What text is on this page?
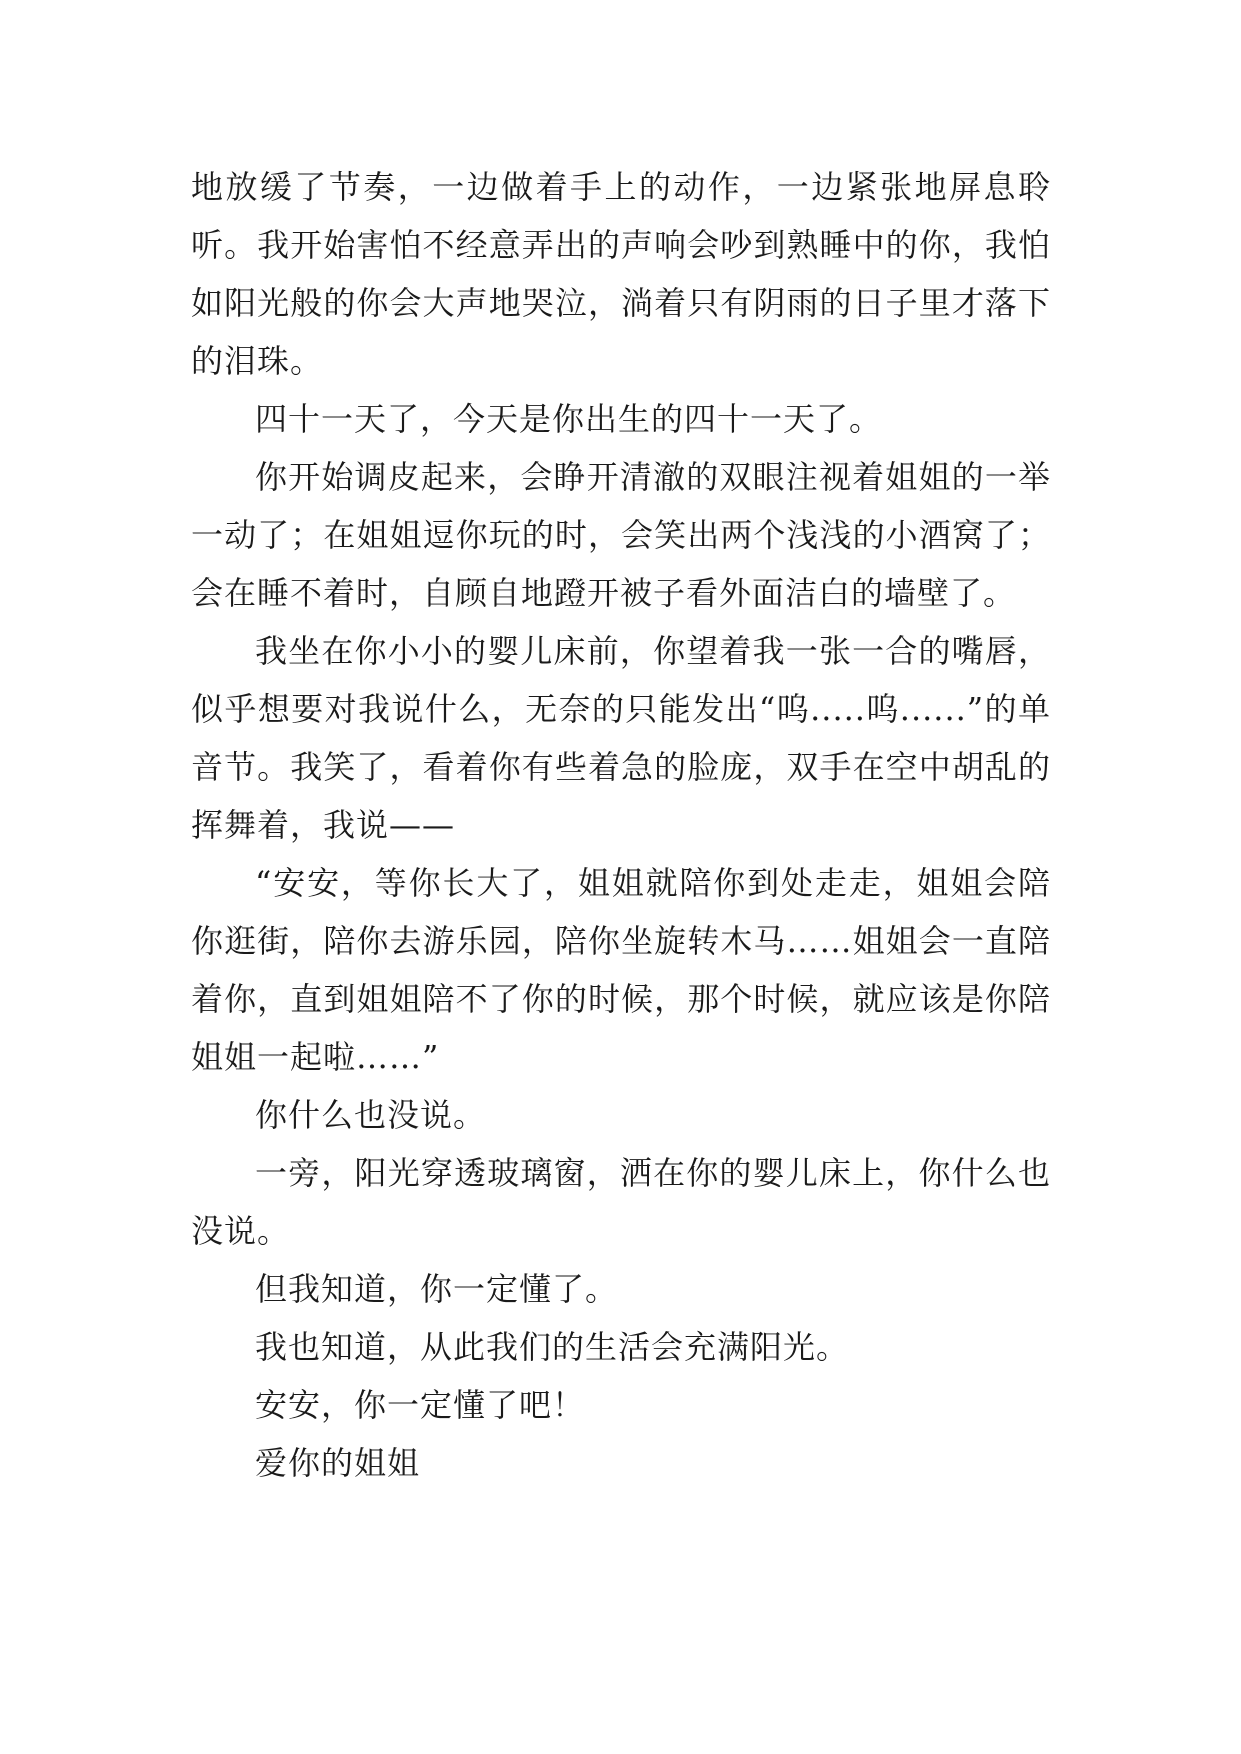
地放缓了节奏，一边做着手上的动作，一边紧张地屏息聆听。我开始害怕不经意弄出的声响会吵到熟睡中的你，我怕如阳光般的你会大声地哭泣，淌着只有阴雨的日子里才落下的泪珠。

四十一天了，今天是你出生的四十一天了。

你开始调皮起来，会睁开清澈的双眼注视着姐姐的一举一动了；在姐姐逗你玩的时，会笑出两个浅浅的小酒窝了；会在睡不着时，自顾自地蹬开被子看外面洁白的墙壁了。

我坐在你小小的婴儿床前，你望着我一张一合的嘴唇，似乎想要对我说什么，无奈的只能发出“呜.....呜......”的单音节。我笑了，看着你有些着急的脸庞，双手在空中胡乱的挥舞着，我说——

“安安，等你长大了，姐姐就陪你到处走走，姐姐会陪你逛街，陪你去游乐园，陪你坐旋转木马……姐姐会一直陪着你，直到姐姐陪不了你的时候，那个时候，就应该是你陪姐姐一起啦……”

你什么也没说。

一旁，阳光穿透玻璃窗，洒在你的婴儿床上，你什么也没说。

但我知道，你一定懂了。

我也知道，从此我们的生活会充满阳光。

安安，你一定懂了吧！

爱你的姐姐
